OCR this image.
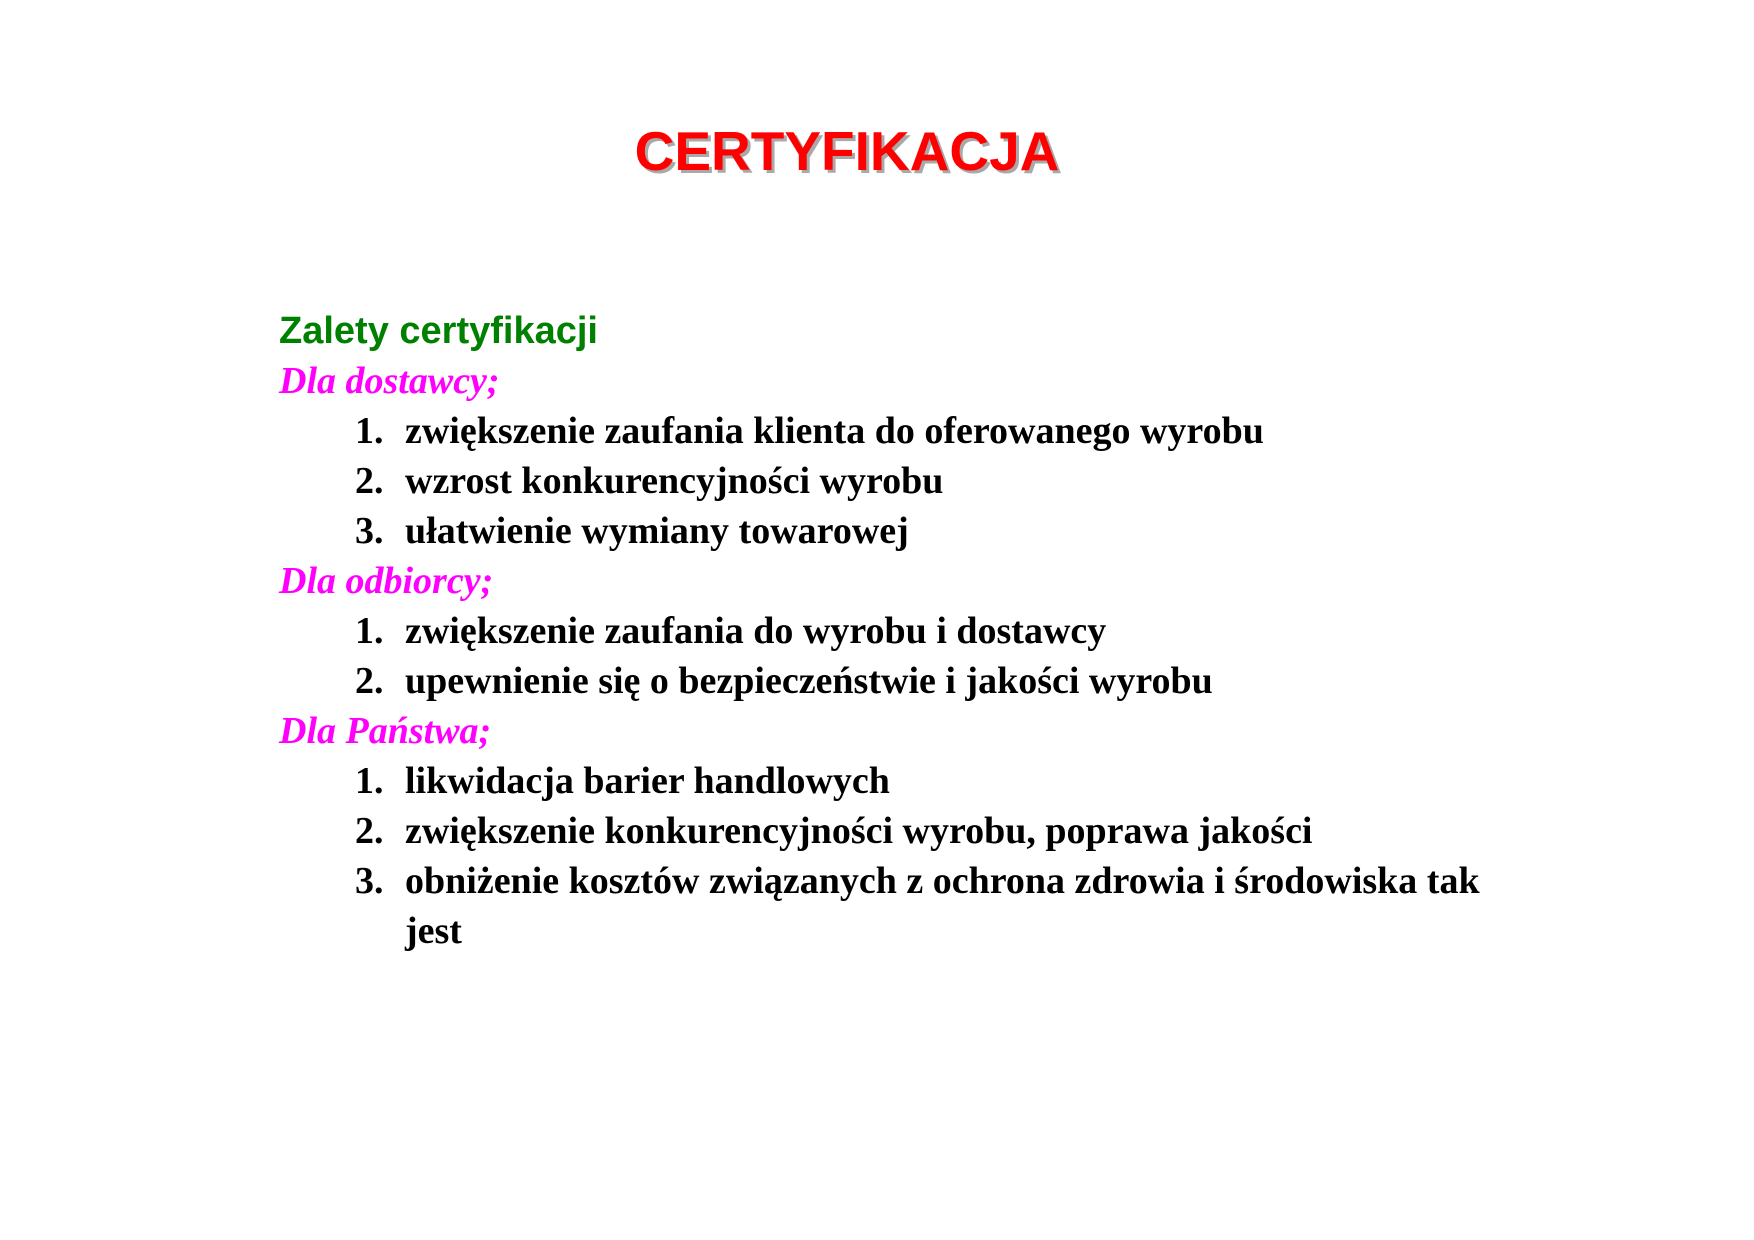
CERTYFIKACJA
Zalety certyfikacji
Dla dostawcy;
1. zwiększenie zaufania klienta do oferowanego wyrobu
2. wzrost konkurencyjności wyrobu
3. ułatwienie wymiany towarowej
Dla odbiorcy;
1. zwiększenie zaufania do wyrobu i dostawcy
2. upewnienie się o bezpieczeństwie i jakości wyrobu
Dla Państwa;
1. likwidacja barier handlowych
2. zwiększenie konkurencyjności wyrobu, poprawa jakości
3. obniżenie kosztów związanych z ochrona zdrowia i środowiska tak jest
